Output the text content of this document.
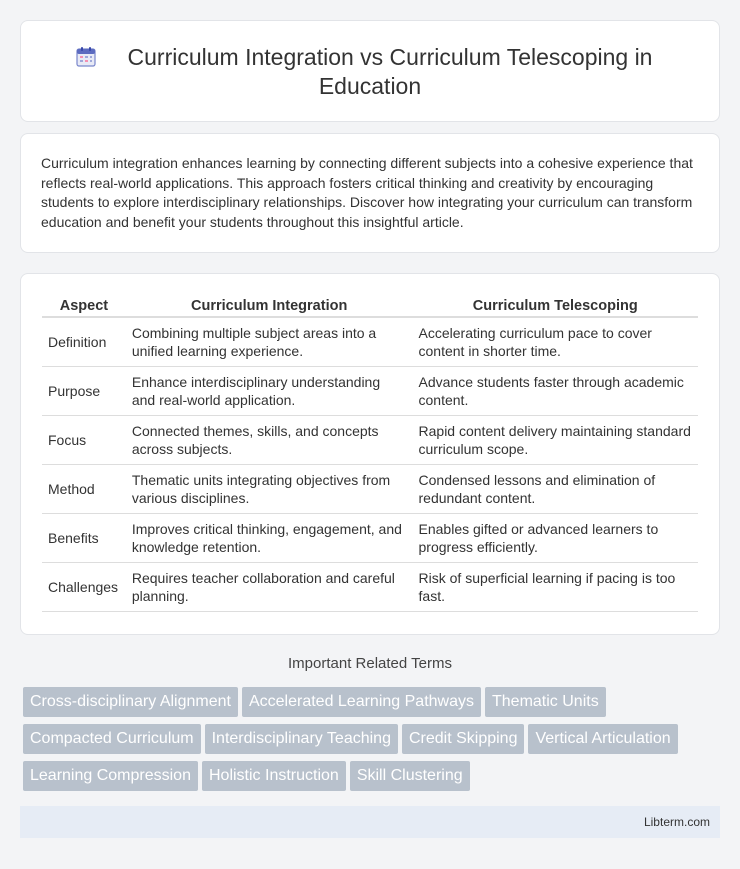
Curriculum Integration vs Curriculum Telescoping in Education

Curriculum integration enhances learning by connecting different subjects into a cohesive experience that reflects real-world applications. This approach fosters critical thinking and creativity by encouraging students to explore interdisciplinary relationships. Discover how integrating your curriculum can transform education and benefit your students throughout this insightful article.

Aspect	Curriculum Integration	Curriculum Telescoping
Definition	Combining multiple subject areas into a unified learning experience.	Accelerating curriculum pace to cover content in shorter time.
Purpose	Enhance interdisciplinary understanding and real-world application.	Advance students faster through academic content.
Focus	Connected themes, skills, and concepts across subjects.	Rapid content delivery maintaining standard curriculum scope.
Method	Thematic units integrating objectives from various disciplines.	Condensed lessons and elimination of redundant content.
Benefits	Improves critical thinking, engagement, and knowledge retention.	Enables gifted or advanced learners to progress efficiently.
Challenges	Requires teacher collaboration and careful planning.	Risk of superficial learning if pacing is too fast.
Important Related Terms
Cross-disciplinary Alignment Accelerated Learning Pathways Thematic Units
Compacted Curriculum Interdisciplinary Teaching Credit Skipping Vertical Articulation
Learning Compression Holistic Instruction Skill Clustering
Libterm.com
